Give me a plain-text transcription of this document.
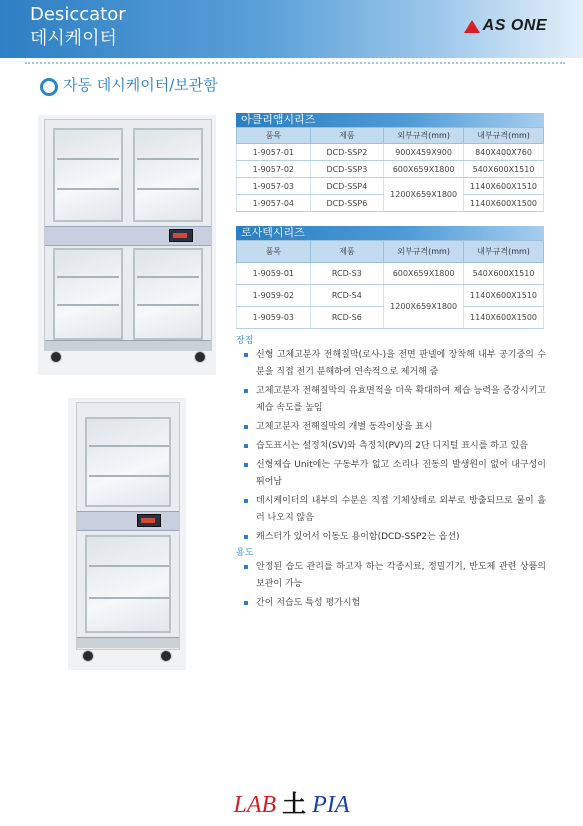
Desiccator
데시케이터
AS ONE
자동 데시케이터/보관함
아클리앱시리즈
품목	제품	외부규격(mm)	내부규격(mm)
1-9057-01	DCD-SSP2	900X459X900	840X400X760
1-9057-02	DCD-SSP3	600X659X1800	540X600X1510
1-9057-03	DCD-SSP4	1200X659X1800	1140X600X1510
1-9057-04	DCD-SSP6		1140X600X1500
로사텍시리즈
품목	제품	외부규격(mm)	내부규격(mm)
1-9059-01	RCD-S3	600X659X1800	540X600X1510
1-9059-02	RCD-S4	1200X659X1800	1140X600X1510
1-9059-03	RCD-S6		1140X600X1500
장점
신형 고체고분자 전해질막(로사-)을 전면 판넬에 장착해 내부 공기중의 수분을 직접 전기 분해하여 연속적으로 제거해 줌
고체고분자 전해질막의 유효면적을 더욱 확대하여 제습 능력을 증강시키고 제습 속도를 높임
고체고분자 전해질막의 개별 동작이상을 표시
습도표시는 설정치(SV)와 측정치(PV)의 2단 디지털 표시를 하고 있음
신형제습 Unit에는 구동부가 없고 소리나 진동의 발생원이 없어 내구성이 뛰어남
데시케이터의 내부의 수분은 직접 기체상태로 외부로 방출되므로 물이 흘러 나오지 않음
캐스터가 있어서 이동도 용이함(DCD-SSP2는 옵션)
용도
안정된 습도 관리를 하고자 하는 각종시료, 정밀기기, 반도체 관련 상품의 보관이 가능
간이 저습도 특성 평가시험
LAB 土 PIA
